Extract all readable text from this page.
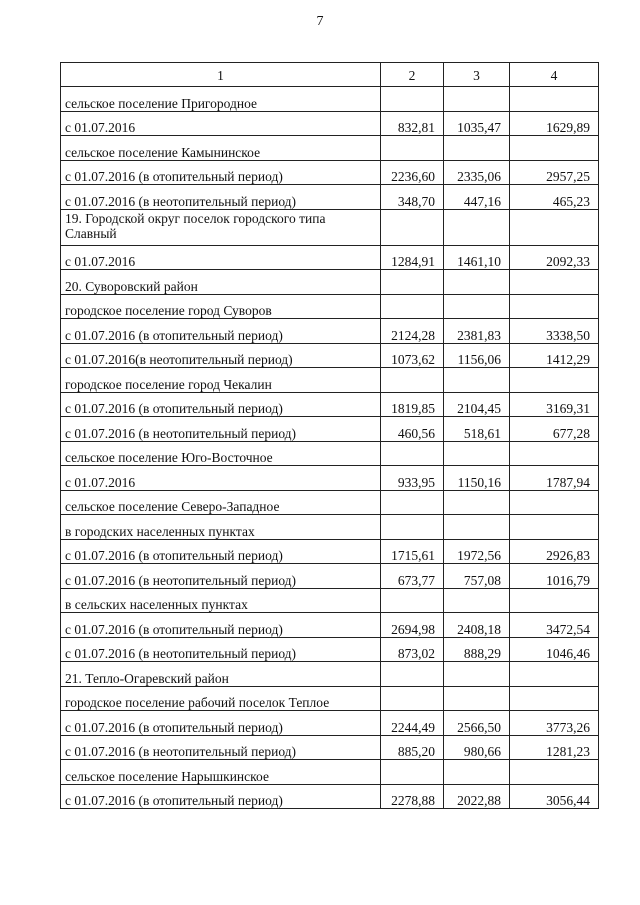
7
1	2	3	4
сельское поселение Пригородное			
с 01.07.2016	832,81	1035,47	1629,89
сельское поселение Камынинское			
с 01.07.2016 (в отопительный период)	2236,60	2335,06	2957,25
с 01.07.2016 (в неотопительный период)	348,70	447,16	465,23
19. Городской округ поселок городского типа Славный			
с 01.07.2016	1284,91	1461,10	2092,33
20. Суворовский район			
городское поселение город Суворов			
с 01.07.2016 (в отопительный период)	2124,28	2381,83	3338,50
с 01.07.2016(в неотопительный период)	1073,62	1156,06	1412,29
городское поселение город Чекалин			
с 01.07.2016 (в отопительный период)	1819,85	2104,45	3169,31
с 01.07.2016 (в неотопительный период)	460,56	518,61	677,28
сельское поселение Юго-Восточное			
с 01.07.2016	933,95	1150,16	1787,94
сельское поселение Северо-Западное			
в городских населенных пунктах			
с 01.07.2016 (в отопительный период)	1715,61	1972,56	2926,83
с 01.07.2016 (в неотопительный период)	673,77	757,08	1016,79
в сельских населенных пунктах			
с 01.07.2016 (в отопительный период)	2694,98	2408,18	3472,54
с 01.07.2016 (в неотопительный период)	873,02	888,29	1046,46
21. Тепло-Огаревский район			
городское поселение рабочий поселок Теплое			
с 01.07.2016 (в отопительный период)	2244,49	2566,50	3773,26
с 01.07.2016 (в неотопительный период)	885,20	980,66	1281,23
сельское поселение Нарышкинское			
с 01.07.2016 (в отопительный период)	2278,88	2022,88	3056,44
